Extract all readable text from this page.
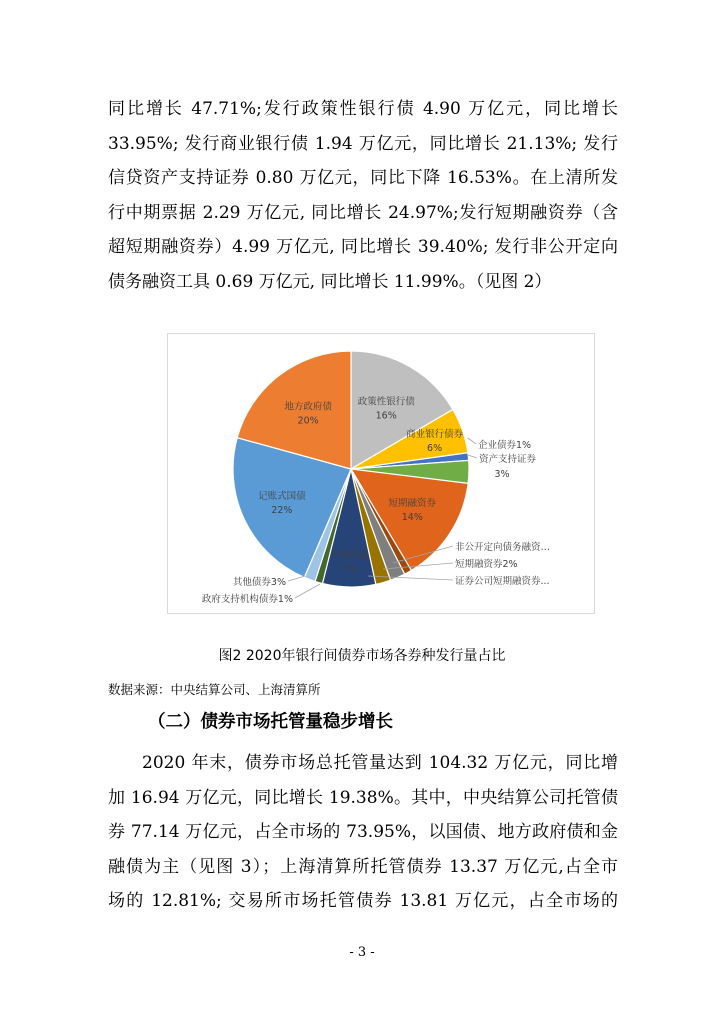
同比增长 47.71%;发行政策性银行债 4.90 万亿元，同比增长
33.95%; 发行商业银行债 1.94 万亿元，同比增长 21.13%; 发行
信贷资产支持证券 0.80 万亿元，同比下降 16.53%。在上清所发
行中期票据 2.29 万亿元, 同比增长 24.97%;发行短期融资券（含
超短期融资券）4.99 万亿元, 同比增长 39.40%; 发行非公开定向
债务融资工具 0.69 万亿元, 同比增长 11.99%。（见图 2）
政策性银行债
16%
商业银行债券
6%	企业债券1%
资产支持证券
3%
短期融资券
14%
非公开定向债务融资…
短期融资券2%
证券公司短期融资券...
中期票据
7%
政府支持机构债券1%
其他债券3%
记账式国债
22%
地方政府债
20%
图2 2020年银行间债券市场各券种发行量占比
数据来源：中央结算公司、上海清算所
（二）债券市场托管量稳步增长
2020 年末，债券市场总托管量达到 104.32 万亿元，同比增
加 16.94 万亿元，同比增长 19.38%。其中，中央结算公司托管债
券 77.14 万亿元，占全市场的 73.95%，以国债、地方政府债和金
融债为主（见图 3）；上海清算所托管债券 13.37 万亿元,占全市
场的 12.81%; 交易所市场托管债券 13.81 万亿元，占全市场的
- 3 -
